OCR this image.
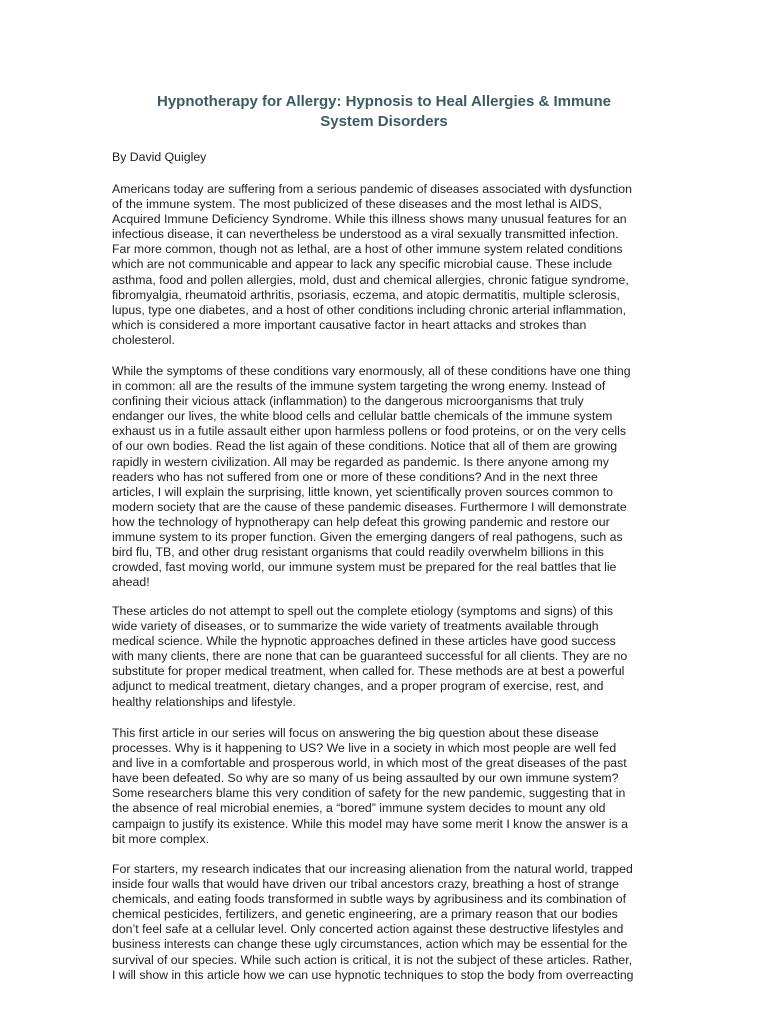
Hypnotherapy for Allergy: Hypnosis to Heal Allergies & Immune
System Disorders

By David Quigley

Americans today are suffering from a serious pandemic of diseases associated with dysfunction
of the immune system. The most publicized of these diseases and the most lethal is AIDS,
Acquired Immune Deficiency Syndrome. While this illness shows many unusual features for an
infectious disease, it can nevertheless be understood as a viral sexually transmitted infection.
Far more common, though not as lethal, are a host of other immune system related conditions
which are not communicable and appear to lack any specific microbial cause. These include
asthma, food and pollen allergies, mold, dust and chemical allergies, chronic fatigue syndrome,
fibromyalgia, rheumatoid arthritis, psoriasis, eczema, and atopic dermatitis, multiple sclerosis,
lupus, type one diabetes, and a host of other conditions including chronic arterial inflammation,
which is considered a more important causative factor in heart attacks and strokes than
cholesterol.
While the symptoms of these conditions vary enormously, all of these conditions have one thing
in common: all are the results of the immune system targeting the wrong enemy. Instead of
confining their vicious attack (inflammation) to the dangerous microorganisms that truly
endanger our lives, the white blood cells and cellular battle chemicals of the immune system
exhaust us in a futile assault either upon harmless pollens or food proteins, or on the very cells
of our own bodies. Read the list again of these conditions. Notice that all of them are growing
rapidly in western civilization. All may be regarded as pandemic. Is there anyone among my
readers who has not suffered from one or more of these conditions? And in the next three
articles, I will explain the surprising, little known, yet scientifically proven sources common to
modern society that are the cause of these pandemic diseases. Furthermore I will demonstrate
how the technology of hypnotherapy can help defeat this growing pandemic and restore our
immune system to its proper function. Given the emerging dangers of real pathogens, such as
bird flu, TB, and other drug resistant organisms that could readily overwhelm billions in this
crowded, fast moving world, our immune system must be prepared for the real battles that lie
ahead!
These articles do not attempt to spell out the complete etiology (symptoms and signs) of this
wide variety of diseases, or to summarize the wide variety of treatments available through
medical science. While the hypnotic approaches defined in these articles have good success
with many clients, there are none that can be guaranteed successful for all clients. They are no
substitute for proper medical treatment, when called for. These methods are at best a powerful
adjunct to medical treatment, dietary changes, and a proper program of exercise, rest, and
healthy relationships and lifestyle.
This first article in our series will focus on answering the big question about these disease
processes. Why is it happening to US? We live in a society in which most people are well fed
and live in a comfortable and prosperous world, in which most of the great diseases of the past
have been defeated. So why are so many of us being assaulted by our own immune system?
Some researchers blame this very condition of safety for the new pandemic, suggesting that in
the absence of real microbial enemies, a “bored” immune system decides to mount any old
campaign to justify its existence. While this model may have some merit I know the answer is a
bit more complex.
For starters, my research indicates that our increasing alienation from the natural world, trapped
inside four walls that would have driven our tribal ancestors crazy, breathing a host of strange
chemicals, and eating foods transformed in subtle ways by agribusiness and its combination of
chemical pesticides, fertilizers, and genetic engineering, are a primary reason that our bodies
don’t feel safe at a cellular level. Only concerted action against these destructive lifestyles and
business interests can change these ugly circumstances, action which may be essential for the
survival of our species. While such action is critical, it is not the subject of these articles. Rather,
I will show in this article how we can use hypnotic techniques to stop the body from overreacting
